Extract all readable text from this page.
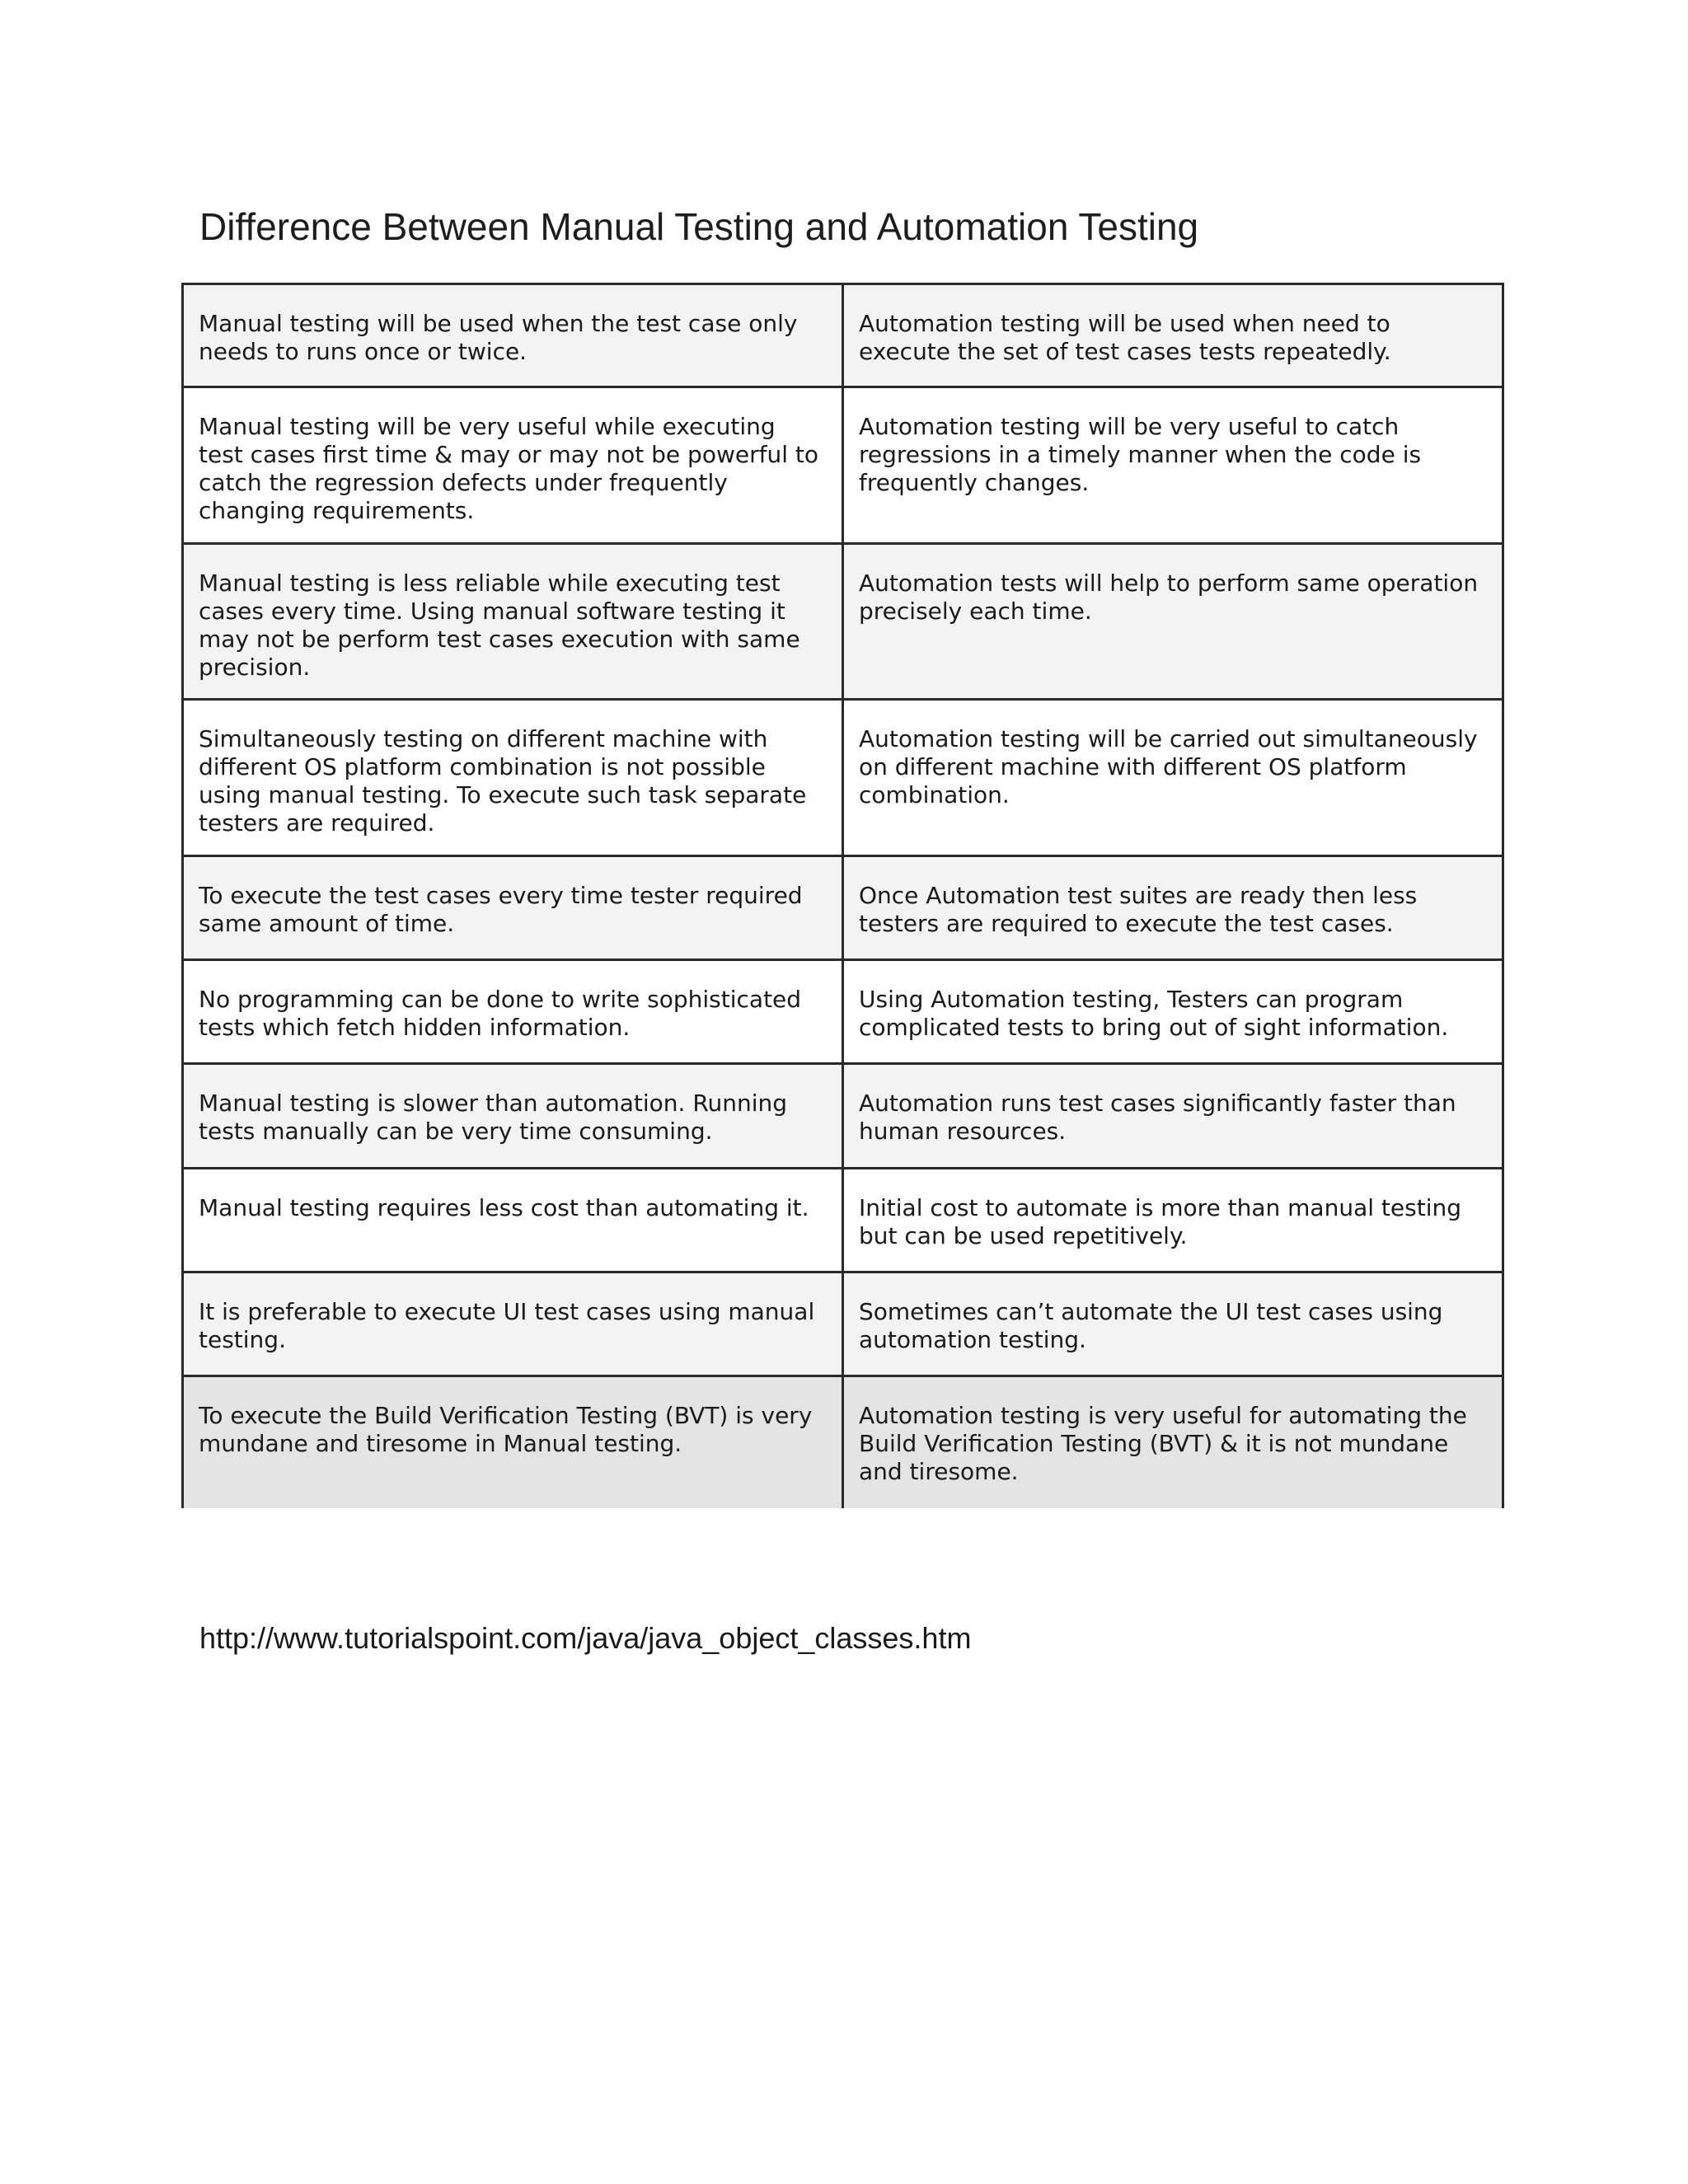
Difference Between Manual Testing and Automation Testing
Manual testing will be used when the test case only needs to runs once or twice.	Automation testing will be used when need to execute the set of test cases tests repeatedly.
Manual testing will be very useful while executing test cases first time & may or may not be powerful to catch the regression defects under frequently changing requirements.	Automation testing will be very useful to catch regressions in a timely manner when the code is frequently changes.
Manual testing is less reliable while executing test cases every time. Using manual software testing it may not be perform test cases execution with same precision.	Automation tests will help to perform same operation precisely each time.
Simultaneously testing on different machine with different OS platform combination is not possible using manual testing. To execute such task separate testers are required.	Automation testing will be carried out simultaneously on different machine with different OS platform combination.
To execute the test cases every time tester required same amount of time.	Once Automation test suites are ready then less testers are required to execute the test cases.
No programming can be done to write sophisticated tests which fetch hidden information.	Using Automation testing, Testers can program complicated tests to bring out of sight information.
Manual testing is slower than automation. Running tests manually can be very time consuming.	Automation runs test cases significantly faster than human resources.
Manual testing requires less cost than automating it.	Initial cost to automate is more than manual testing but can be used repetitively.
It is preferable to execute UI test cases using manual testing.	Sometimes can’t automate the UI test cases using automation testing.
To execute the Build Verification Testing (BVT) is very mundane and tiresome in Manual testing.	Automation testing is very useful for automating the Build Verification Testing (BVT) & it is not mundane and tiresome.
http://www.tutorialspoint.com/java/java_object_classes.htm
